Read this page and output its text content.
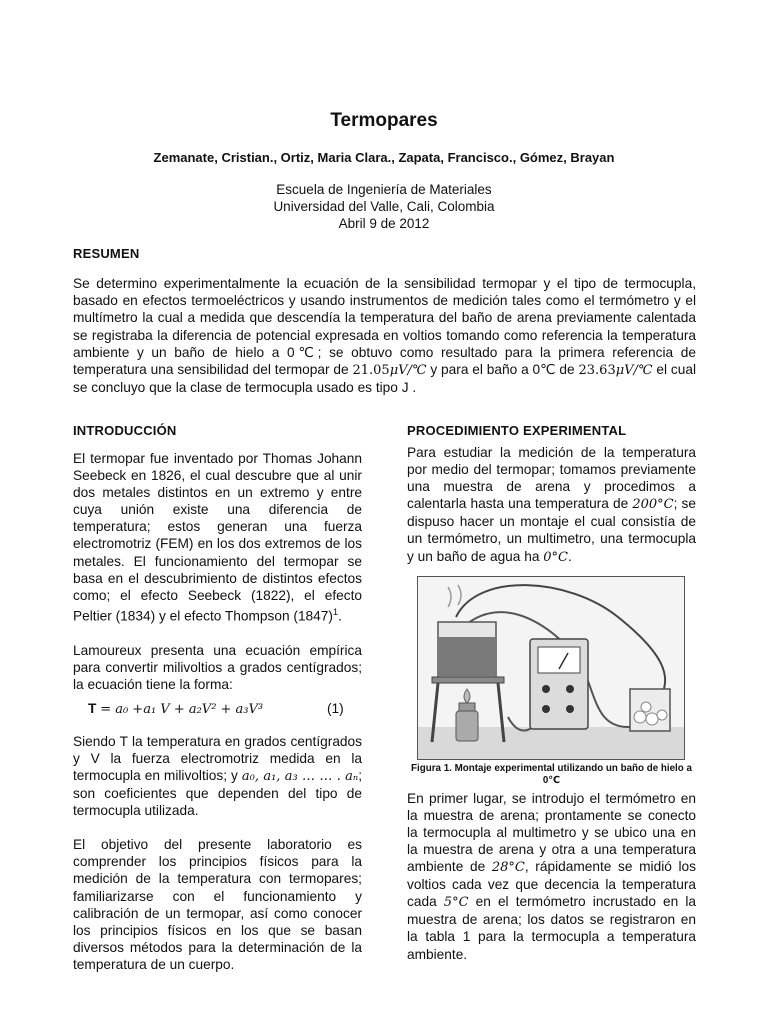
Termopares
Zemanate, Cristian., Ortiz, Maria Clara., Zapata, Francisco., Gómez, Brayan
Escuela de Ingeniería de Materiales
Universidad del Valle, Cali, Colombia
Abril 9 de 2012
RESUMEN

Se determino experimentalmente la ecuación de la sensibilidad termopar y el tipo de termocupla, basado en efectos termoeléctricos y usando instrumentos de medición tales como el termómetro y el multímetro la cual a medida que descendía la temperatura del baño de arena previamente calentada se registraba la diferencia de potencial expresada en voltios tomando como referencia la temperatura ambiente y un baño de hielo a 0℃; se obtuvo como resultado para la primera referencia de temperatura una sensibilidad del termopar de 21.05μV/℃ y para el baño a 0℃ de 23.63μV/℃ el cual se concluyo que la clase de termocupla usado es tipo J .

INTRODUCCIÓN

El termopar fue inventado por Thomas Johann Seebeck en 1826, el cual descubre que al unir dos metales distintos en un extremo y entre cuya unión existe una diferencia de temperatura; estos generan una fuerza electromotriz (FEM) en los dos extremos de los metales. El funcionamiento del termopar se basa en el descubrimiento de distintos efectos como; el efecto Seebeck (1822), el efecto Peltier (1834) y el efecto Thompson $(1847)^1$.

Lamoureux presenta una ecuación empírica para convertir milivoltios a grados centígrados; la ecuación tiene la forma:

T = a₀ +a₁ V + a₂V² + a₃V³	(1)

Siendo T la temperatura en grados centígrados y V la fuerza electromotriz medida en la termocupla en milivoltios; y a₀, a₁, a₃ … … . aₙ; son coeficientes que dependen del tipo de termocupla utilizada.

El objetivo del presente laboratorio es comprender los principios físicos para la medición de la temperatura con termopares; familiarizarse con el funcionamiento y calibración de un termopar, así como conocer los principios físicos en los que se basan diversos métodos para la determinación de la temperatura de un cuerpo.

PROCEDIMIENTO EXPERIMENTAL

Para estudiar la medición de la temperatura por medio del termopar; tomamos previamente una muestra de arena y procedimos a calentarla hasta una temperatura de 200°C; se dispuso hacer un montaje el cual consistía de un termómetro, un multimetro, una termocupla y un baño de agua ha 0°C.

Figura 1. Montaje experimental utilizando un baño de hielo a 0℃

En primer lugar, se introdujo el termómetro en la muestra de arena; prontamente se conecto la termocupla al multimetro y se ubico una en la muestra de arena y otra a una temperatura ambiente de 28°C, rápidamente se midió los voltios cada vez que decencia la temperatura cada 5°C en el termómetro incrustado en la muestra de arena; los datos se registraron en la tabla 1 para la termocupla a temperatura ambiente.
